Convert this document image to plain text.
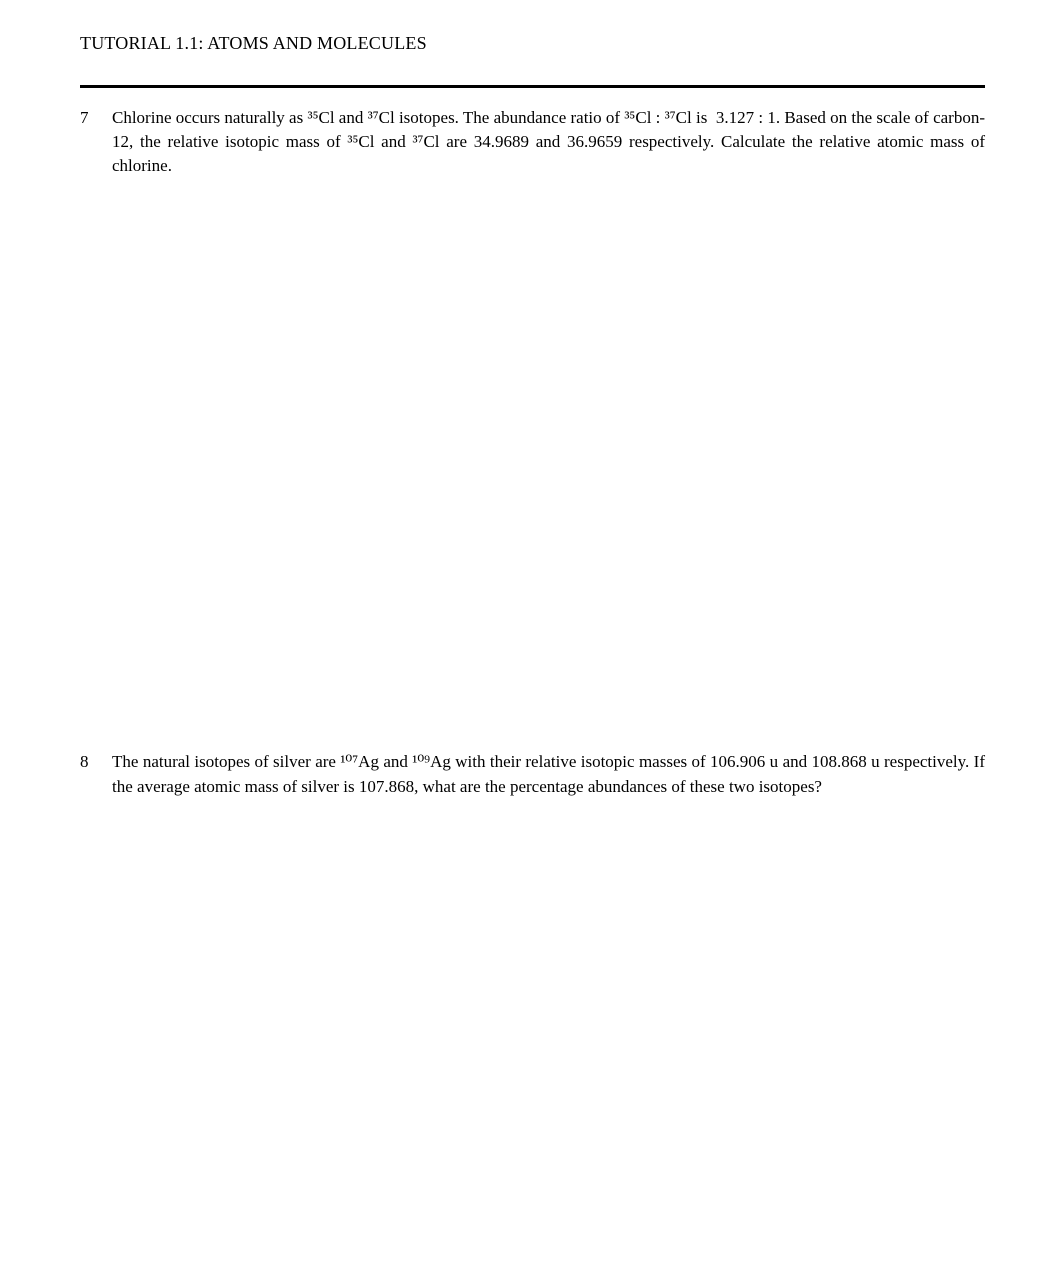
TUTORIAL 1.1: ATOMS AND MOLECULES
7	Chlorine occurs naturally as ³⁵Cl and ³⁷Cl isotopes. The abundance ratio of ³⁵Cl : ³⁷Cl is  3.127 : 1. Based on the scale of carbon-12, the relative isotopic mass of ³⁵Cl and ³⁷Cl are 34.9689 and 36.9659 respectively. Calculate the relative atomic mass of chlorine.
8	The natural isotopes of silver are ¹⁰⁷Ag and ¹⁰⁹Ag with their relative isotopic masses of 106.906 u and 108.868 u respectively. If the average atomic mass of silver is 107.868, what are the percentage abundances of these two isotopes?
